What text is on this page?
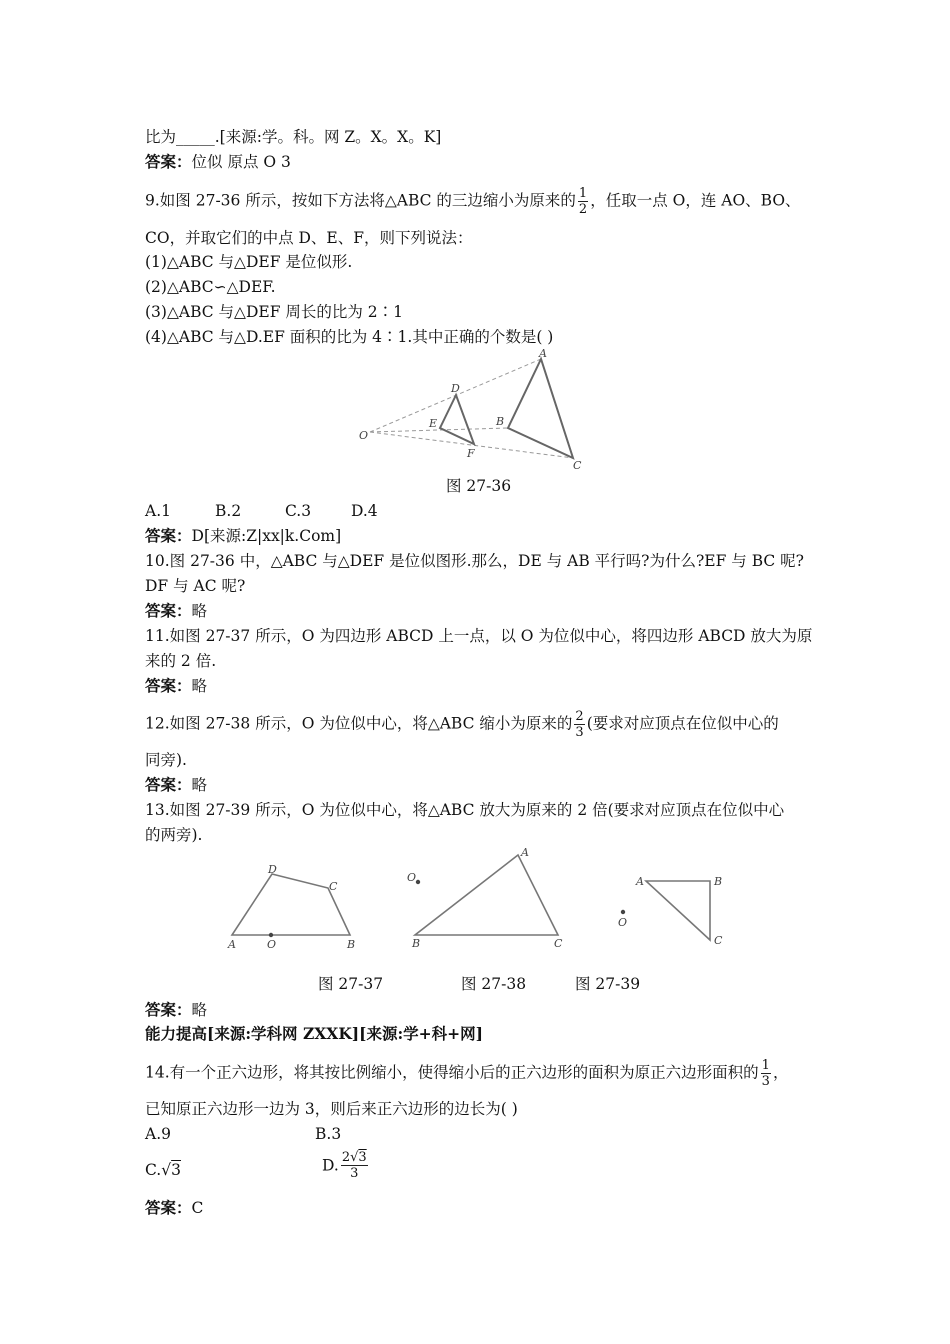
比为_____.[来源:学。科。网 Z。X。X。K]
答案：位似 原点 O 3
9.如图 27-36 所示，按如下方法将△ABC 的三边缩小为原来的 $\frac{1}{2}$ ，任取一点 O，连 AO、BO、
CO，并取它们的中点 D、E、F，则下列说法：
(1)△ABC 与△DEF 是位似形.
(2)△ABC∽△DEF.
(3)△ABC 与△DEF 周长的比为 2∶1
(4)△ABC 与△D.EF 面积的比为 4∶1.其中正确的个数是( )
O
D
E
F
A
B
C
图 27-36
A.1	B.2	C.3	D.4
答案：D[来源:Z|xx|k.Com]
10.图 27-36 中，△ABC 与△DEF 是位似图形.那么，DE 与 AB 平行吗?为什么?EF 与 BC 呢?
DF 与 AC 呢?
答案：略
11.如图 27-37 所示，O 为四边形 ABCD 上一点，以 O 为位似中心，将四边形 ABCD 放大为原
来的 2 倍.
答案：略
12.如图 27-38 所示，O 为位似中心，将△ABC 缩小为原来的 $\frac{2}{3}$ (要求对应顶点在位似中心的
同旁).
答案：略
13.如图 27-39 所示，O 为位似中心，将△ABC 放大为原来的 2 倍(要求对应顶点在位似中心
的两旁).
A	B
C
D
O
A
B	C
O	A	B
C
O
图 27-37	图 27-38	图 27-39
答案：略
能力提高[来源:学科网 ZXXK][来源:学+科+网]
14.有一个正六边形，将其按比例缩小，使得缩小后的正六边形的面积为原正六边形面积的 $\frac{1}{3}$ ，
已知原正六边形一边为 3，则后来正六边形的边长为( )
A.9	B.3
C.√3	D. $\frac{2√3}{3}$
答案：C
